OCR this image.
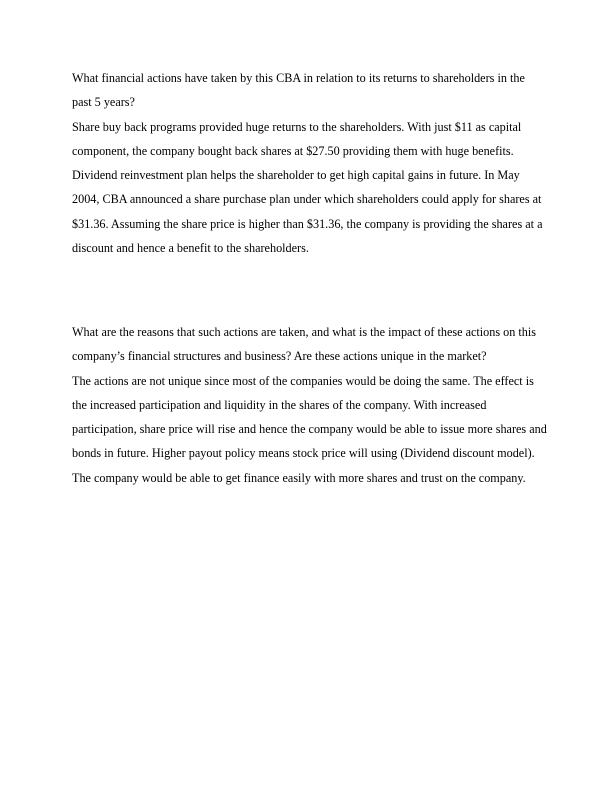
What financial actions have taken by this CBA in relation to its returns to shareholders in the
past 5 years?
Share buy back programs provided huge returns to the shareholders. With just $11 as capital
component, the company bought back shares at $27.50 providing them with huge benefits.
Dividend reinvestment plan helps the shareholder to get high capital gains in future. In May
2004, CBA announced a share purchase plan under which shareholders could apply for shares at
$31.36. Assuming the share price is higher than $31.36, the company is providing the shares at a
discount and hence a benefit to the shareholders.
What are the reasons that such actions are taken, and what is the impact of these actions on this
company’s financial structures and business? Are these actions unique in the market?
The actions are not unique since most of the companies would be doing the same. The effect is
the increased participation and liquidity in the shares of the company. With increased
participation, share price will rise and hence the company would be able to issue more shares and
bonds in future. Higher payout policy means stock price will using (Dividend discount model).
The company would be able to get finance easily with more shares and trust on the company.
